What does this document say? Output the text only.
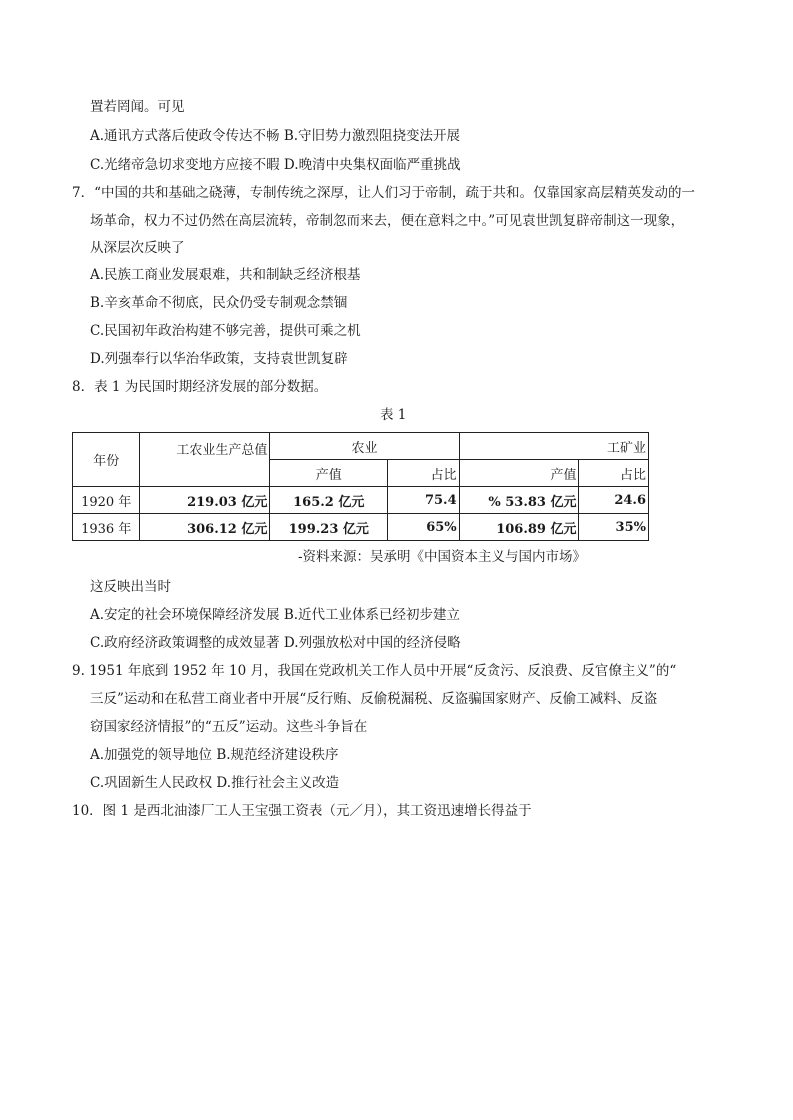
置若罔闻。可见
A.通讯方式落后使政令传达不畅 B.守旧势力激烈阻挠变法开展
C.光绪帝急切求变地方应接不暇 D.晚清中央集权面临严重挑战
7．“中国的共和基础之硗薄，专制传统之深厚，让人们习于帝制，疏于共和。仅靠国家高层精英发动的一
场革命，权力不过仍然在高层流转，帝制忽而来去，便在意料之中。”可见袁世凯复辟帝制这一现象，
从深层次反映了
A.民族工商业发展艰难，共和制缺乏经济根基
B.辛亥革命不彻底，民众仍受专制观念禁锢
C.民国初年政治构建不够完善，提供可乘之机
D.列强奉行以华治华政策，支持袁世凯复辟
8．表 1 为民国时期经济发展的部分数据。
表 1
年份	工农业生产总值	农业		工矿业	
		产值	占比	产值	占比
1920 年	219.03 亿元	165.2 亿元	75.4	% 53.83 亿元	24.6
1936 年	306.12 亿元	199.23 亿元	65%	106.89 亿元	35%
-资料来源：吴承明《中国资本主义与国内市场》
这反映出当时
A.安定的社会环境保障经济发展 B.近代工业体系已经初步建立
C.政府经济政策调整的成效显著 D.列强放松对中国的经济侵略
9. 1951 年底到 1952 年 10 月，我国在党政机关工作人员中开展“反贪污、反浪费、反官僚主义”的“
三反”运动和在私营工商业者中开展“反行贿、反偷税漏税、反盗骗国家财产、反偷工减料、反盗
窃国家经济情报”的“五反”运动。这些斗争旨在
A.加强党的领导地位 B.规范经济建设秩序
C.巩固新生人民政权 D.推行社会主义改造
10．图 1 是西北油漆厂工人王宝强工资表（元／月），其工资迅速增长得益于
